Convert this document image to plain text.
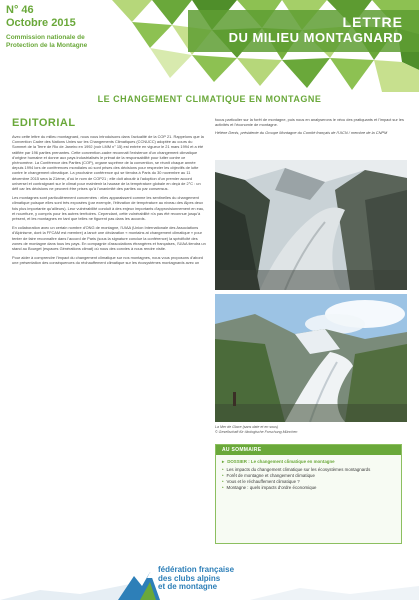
N° 46
Octobre 2015
Commission nationale de Protection de la Montagne
LETTRE
DU MILIEU MONTAGNARD
LE CHANGEMENT CLIMATIQUE EN MONTAGNE
EDITORIAL

Avec cette lettre du milieu montagnard, nous vous introduisons dans l'actualité de la COP 21. Rappelons que la Convention Cadre des Nations Unies sur les Changements Climatiques (CCNUCC) adoptée au cours du Sommet de la Terre de Rio de Janeiro en 1992 (voir LMM n° 15) est entrée en vigueur le 21 mars 1994 et a été ratifiée par 196 parties prenantes. Cette convention-cadre reconnait l'existence d'un changement climatique d'origine humaine et donne aux pays industrialisés le primat de la responsabilité pour lutter contre ce phénomène. La Conférence des Parties (COP), organe suprême de la convention, se réunit chaque année depuis 1994 lors de conférences mondiales où sont prises des décisions pour respecter les objectifs de lutte contre le changement climatique. La prochaine conférence qui se tiendra à Paris du 30 novembre au 11 décembre 2015 sera la 21ème, d'où le nom de COP21 ; elle doit aboutir à l'adoption d'un premier accord universel et contraignant sur le climat pour maintenir la hausse de la température globale en deçà de 2°C : un défi car les décisions ne peuvent être prises qu'à l'unanimité des parties ou par consensus.

Les montagnes sont particulièrement concernées : elles apparaissent comme les sentinelles du changement climatique puisque elles sont très exposées (par exemple, l'élévation de température au niveau des Alpes deux fois plus importante qu'ailleurs). Leur vulnérabilité conduit à des enjeux importants d'approvisionnement en eau, et nourriture, y compris pour les autres territoires. Cependant, cette vulnérabilité n'a pas été reconnue jusqu'à présent, et les montagnes en tant que telles ne figurent pas dans les accords.

En collaboration avec un certain nombre d'ONG de montagne, l'UIAA (Union Internationale des Associations d'Alpinisme, dont la FFCAM est membre) a lancé une déclaration « montains at changement climatique » pour tenter de faire reconnaître dans l'accord de Paris (sous la signature conclue la conférence) la spécificité des zones de montagne dans tous les pays. En compagnie d'associations étrangères et françaises, l'UIAA tiendra un stand au Bourget (espaces Générations climat) où nous des convies à nous rendre visite.

Pour aider à comprendre l'impact du changement climatique sur nos montagnes, nous vous proposons d'abord une présentation des conséquences du réchauffement climatique sur les écosystèmes montagnards avec un

focus particulier sur la forêt de montagne, puis nous en analyserons le vécu des pratiquants et l'impact sur les activités et l'économie de montagne.

Hélène Denis, présidente du Groupe Montagne du Comité français de l'UICN / membre de la CNPM

La Mer de Glace (sans date et en sous)
© Gesellschaft für ökologische Forschung München
AU SOMMAIRE
▸ DOSSIER : Le changement climatique en montagne
• Les impacts du changement climatique sur les écosystèmes montagnards
• Forêt de montagne et changement climatique
• Vous et le réchauffement climatique ?
• Montagne : quels impacts d'ordre économique
fédération française
des clubs alpins
et de montagne
